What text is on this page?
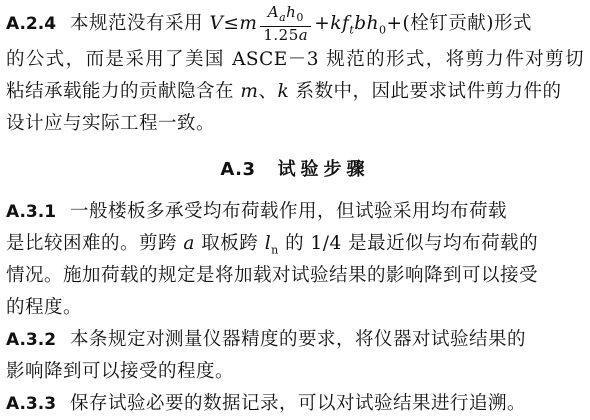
A.2.4 本规范没有采用 $V\le m \frac{A_ah_0}{1.25a} +kf_tbh_0+$(栓钉贡献)形式
的公式，而是采用了美国 ASCE－3 规范的形式，将剪力件对剪切
粘结承载能力的贡献隐含在 m、k 系数中，因此要求试件剪力件的
设计应与实际工程一致。
A.3 试验步骤
A.3.1 一般楼板多承受均布荷载作用，但试验采用均布荷载
是比较困难的。剪跨 a 取板跨 $l_n$ 的 1/4 是最近似与均布荷载的
情况。施加荷载的规定是将加载对试验结果的影响降到可以接受
的程度。
A.3.2 本条规定对测量仪器精度的要求，将仪器对试验结果的
影响降到可以接受的程度。
A.3.3 保存试验必要的数据记录，可以对试验结果进行追溯。
